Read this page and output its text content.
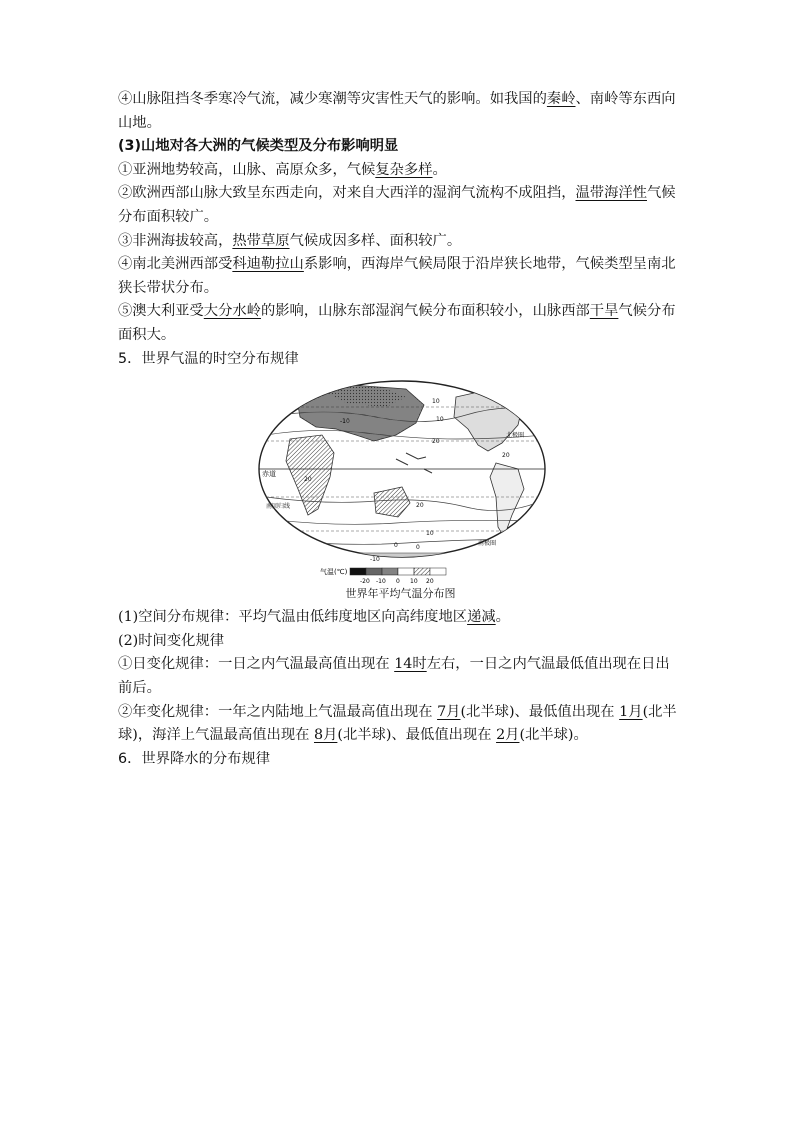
④山脉阻挡冬季寒冷气流，减少寒潮等灾害性天气的影响。如我国的秦岭、南岭等东西向山地。

(3)山地对各大洲的气候类型及分布影响明显

①亚洲地势较高，山脉、高原众多，气候复杂多样。

②欧洲西部山脉大致呈东西走向，对来自大西洋的湿润气流构不成阻挡，温带海洋性气候分布面积较广。

③非洲海拔较高，热带草原气候成因多样、面积较广。

④南北美洲西部受科迪勒拉山系影响，西海岸气候局限于沿岸狭长地带，气候类型呈南北狭长带状分布。

⑤澳大利亚受大分水岭的影响，山脉东部湿润气候分布面积较小，山脉西部干旱气候分布面积大。

5．世界气温的时空分布规律

赤道
南回归线
北极圈
南极圈
10
10
20
20
20
20
10
0	0
-10
-10
气温(℃)
-20 -10 0 10 20
世界年平均气温分布图

(1)空间分布规律：平均气温由低纬度地区向高纬度地区递减。

(2)时间变化规律

①日变化规律：一日之内气温最高值出现在 14时左右，一日之内气温最低值出现在日出前后。

②年变化规律：一年之内陆地上气温最高值出现在 7月(北半球)、最低值出现在 1月(北半球)，海洋上气温最高值出现在 8月(北半球)、最低值出现在 2月(北半球)。

6．世界降水的分布规律
